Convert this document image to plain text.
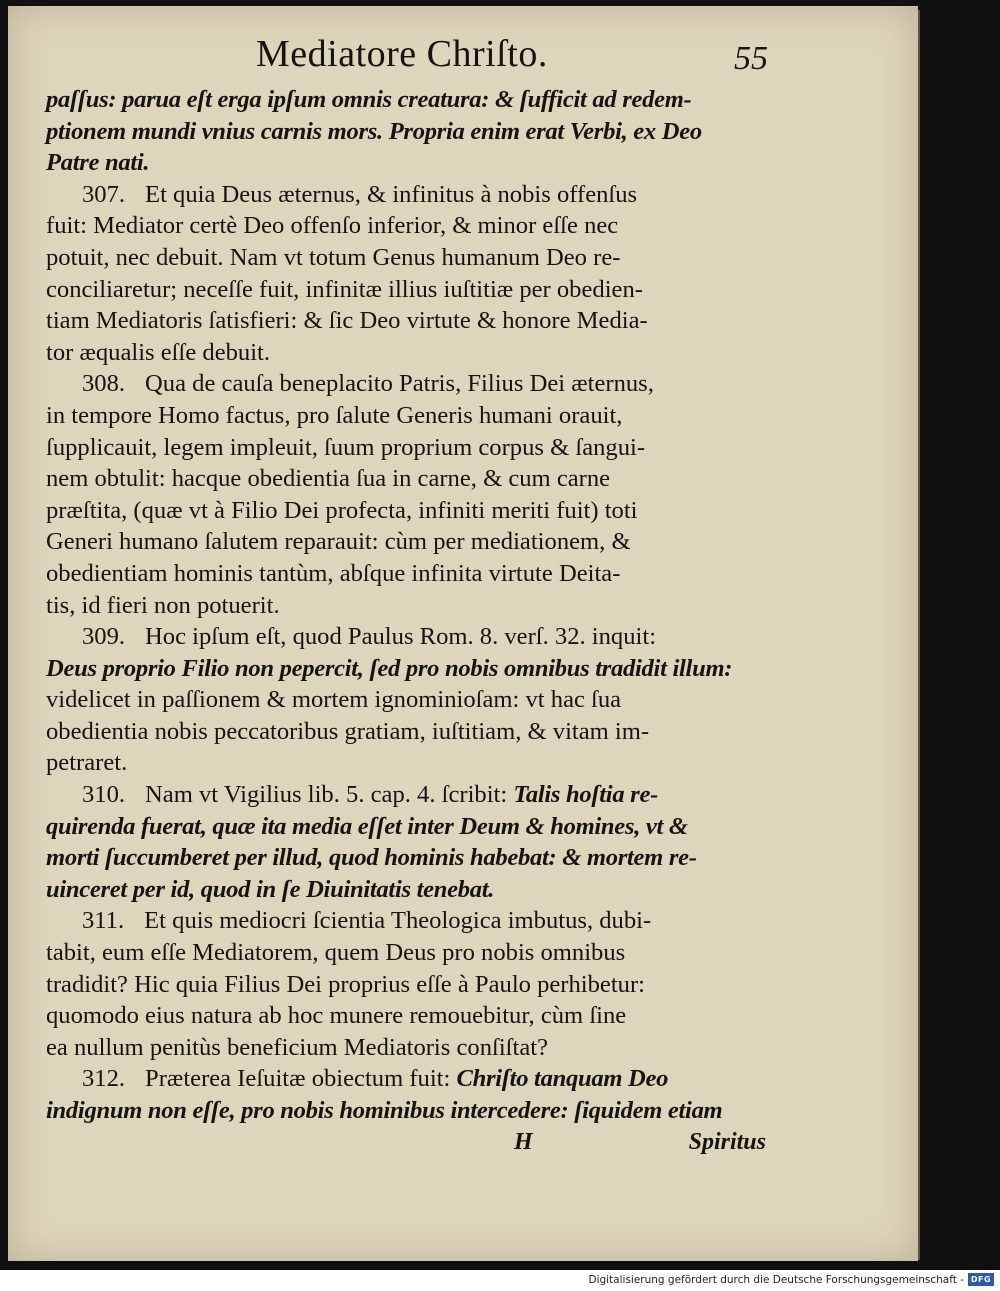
Mediatore Chriſto.	55
paſſus: parua eſt erga ipſum omnis creatura: & ſufficit ad redem-
ptionem mundi vnius carnis mors. Propria enim erat Verbi, ex Deo
Patre nati.
307. Et quia Deus æternus, & infinitus à nobis offenſus
fuit: Mediator certè Deo offenſo inferior, & minor eſſe nec
potuit, nec debuit. Nam vt totum Genus humanum Deo re-
conciliaretur; neceſſe fuit, infinitæ illius iuſtitiæ per obedien-
tiam Mediatoris ſatisfieri: & ſic Deo virtute & honore Media-
tor æqualis eſſe debuit.
308. Qua de cauſa beneplacito Patris, Filius Dei æternus,
in tempore Homo factus, pro ſalute Generis humani orauit,
ſupplicauit, legem impleuit, ſuum proprium corpus & ſangui-
nem obtulit: hacque obedientia ſua in carne, & cum carne
præſtita, (quæ vt à Filio Dei profecta, infiniti meriti fuit) toti
Generi humano ſalutem reparauit: cùm per mediationem, &
obedientiam hominis tantùm, abſque infinita virtute Deita-
tis, id fieri non potuerit.
309. Hoc ipſum eſt, quod Paulus Rom. 8. verſ. 32. inquit:
Deus proprio Filio non pepercit, ſed pro nobis omnibus tradidit illum:
videlicet in paſſionem & mortem ignominioſam: vt hac ſua
obedientia nobis peccatoribus gratiam, iuſtitiam, & vitam im-
petraret.
310. Nam vt Vigilius lib. 5. cap. 4. ſcribit: Talis hoſtia re-
quirenda fuerat, quæ ita media eſſet inter Deum & homines, vt &
morti ſuccumberet per illud, quod hominis habebat: & mortem re-
uinceret per id, quod in ſe Diuinitatis tenebat.
311. Et quis mediocri ſcientia Theologica imbutus, dubi-
tabit, eum eſſe Mediatorem, quem Deus pro nobis omnibus
tradidit? Hic quia Filius Dei proprius eſſe à Paulo perhibetur:
quomodo eius natura ab hoc munere remouebitur, cùm ſine
ea nullum penitùs beneficium Mediatoris conſiſtat?
312. Præterea Ieſuitæ obiectum fuit: Chriſto tanquam Deo
indignum non eſſe, pro nobis hominibus intercedere: ſiquidem etiam
H	Spiritus
Digitalisierung gefördert durch die Deutsche Forschungsgemeinschaft - DFG
